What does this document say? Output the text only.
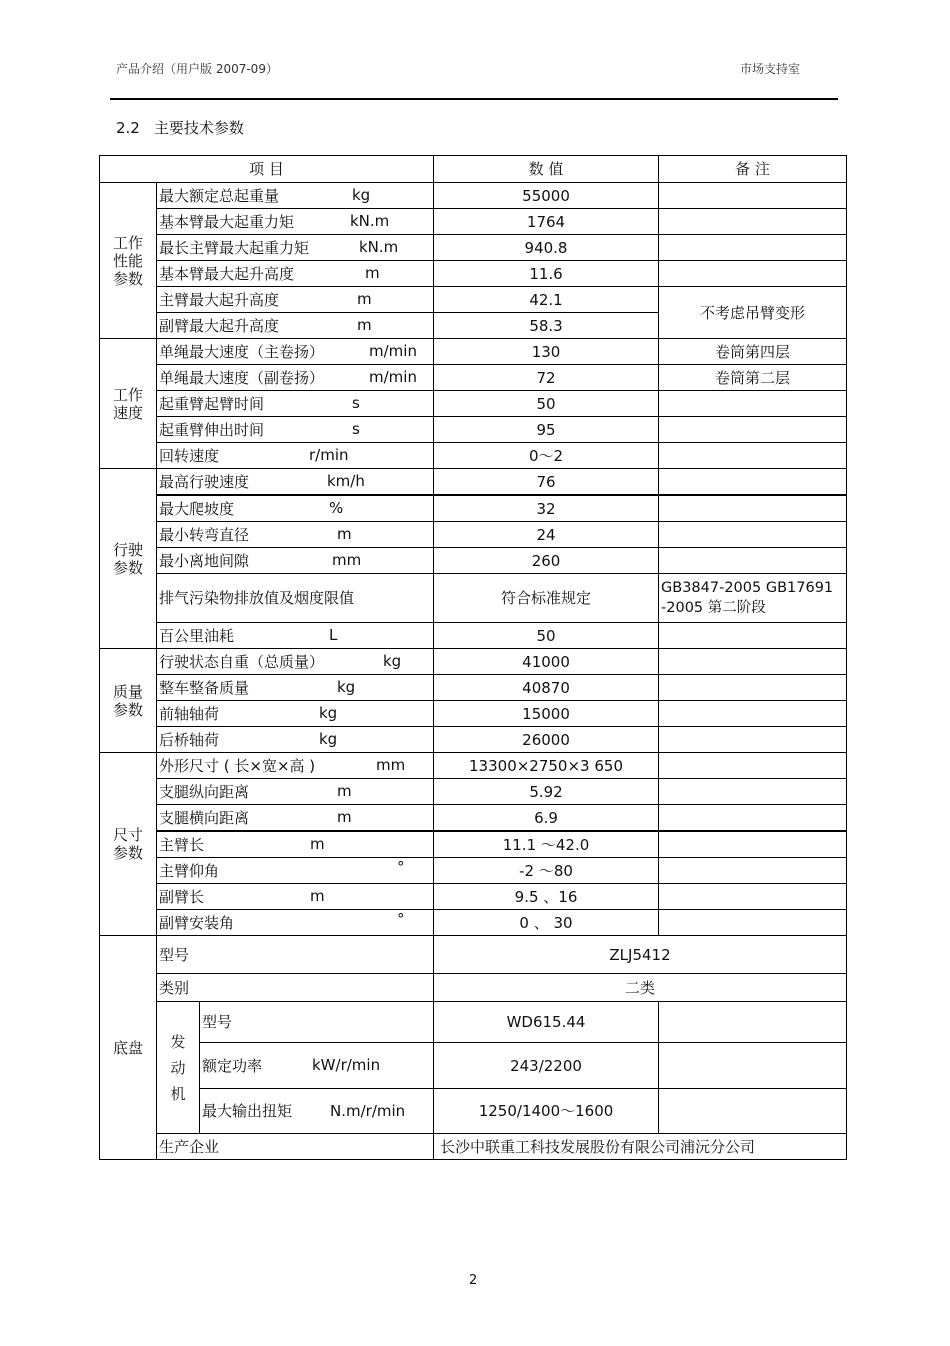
产品介绍（用户版 2007-09）	市场支持室
2.2 主要技术参数
项 目			数 值	备 注
工作性能参数	最大额定总起重量 kg		55000	
	基本臂最大起重力矩 kN.m		1764	
	最长主臂最大起重力矩 kN.m		940.8	
	基本臂最大起升高度 m		11.6	
	主臂最大起升高度 m		42.1	不考虑吊臂变形
	副臂最大起升高度 m		58.3	
工作速度	单绳最大速度（主卷扬） m/min		130	卷筒第四层
	单绳最大速度（副卷扬） m/min		72	卷筒第二层
	起重臂起臂时间 s		50	
	起重臂伸出时间 s		95	
	回转速度 r/min		0～2	
行驶参数	最高行驶速度 km/h		76	
	最大爬坡度 %		32	
	最小转弯直径 m		24	
	最小离地间隙 mm		260	
	排气污染物排放值及烟度限值		符合标准规定	GB3847-2005 GB17691 -2005 第二阶段
	百公里油耗 L		50	
质量参数	行驶状态自重（总质量） kg		41000	
	整车整备质量 kg		40870	
	前轴轴荷 kg		15000	
	后桥轴荷 kg		26000	
尺寸参数	外形尺寸 ( 长×宽×高 ) mm		13300×2750×3 650	
	支腿纵向距离 m		5.92	
	支腿横向距离 m		6.9	
	主臂长 m		11.1 ～42.0	
	主臂仰角 °		-2 ～80	
	副臂长 m		9.5 、16	
	副臂安装角 °		0 、 30	
底盘	型号		ZLJ5412	
	类别		二类	
	发动机	型号	WD615.44	
		额定功率 kW/r/min	243/2200	
		最大输出扭矩 N.m/r/min	1250/1400～1600	
	生产企业		长沙中联重工科技发展股份有限公司浦沅分公司	
2
